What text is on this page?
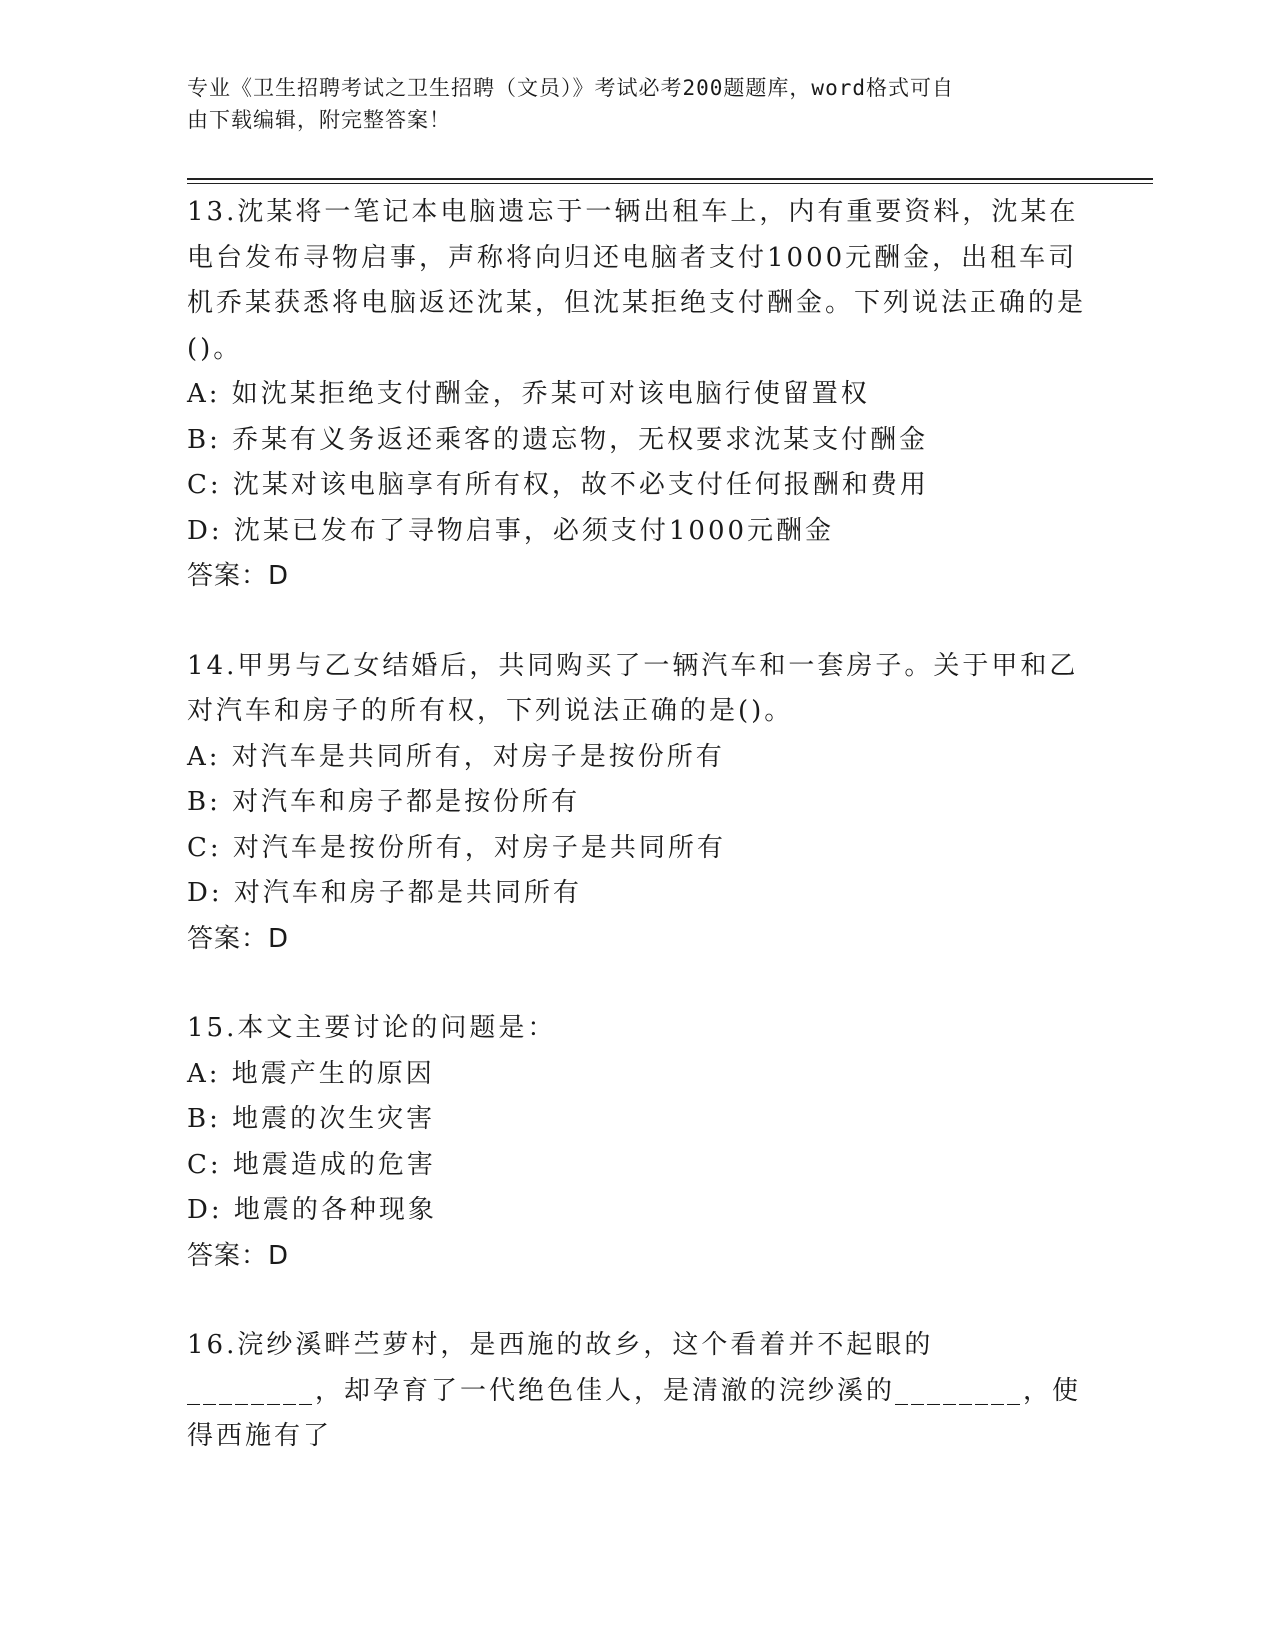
专业《卫生招聘考试之卫生招聘（文员）》考试必考200题题库，word格式可自
由下载编辑，附完整答案！

13.沈某将一笔记本电脑遗忘于一辆出租车上，内有重要资料，沈某在电台发布寻物启事，声称将向归还电脑者支付1000元酬金，出租车司机乔某获悉将电脑返还沈某，但沈某拒绝支付酬金。下列说法正确的是()。

A: 如沈某拒绝支付酬金，乔某可对该电脑行使留置权

B: 乔某有义务返还乘客的遗忘物，无权要求沈某支付酬金

C: 沈某对该电脑享有所有权，故不必支付任何报酬和费用

D: 沈某已发布了寻物启事，必须支付1000元酬金

答案：D

14.甲男与乙女结婚后，共同购买了一辆汽车和一套房子。关于甲和乙对汽车和房子的所有权，下列说法正确的是()。

A: 对汽车是共同所有，对房子是按份所有

B: 对汽车和房子都是按份所有

C: 对汽车是按份所有，对房子是共同所有

D: 对汽车和房子都是共同所有

答案：D

15.本文主要讨论的问题是：

A: 地震产生的原因

B: 地震的次生灾害

C: 地震造成的危害

D: 地震的各种现象

答案：D

16.浣纱溪畔苎萝村，是西施的故乡，这个看着并不起眼的________，却孕育了一代绝色佳人，是清澈的浣纱溪的________，使得西施有了
